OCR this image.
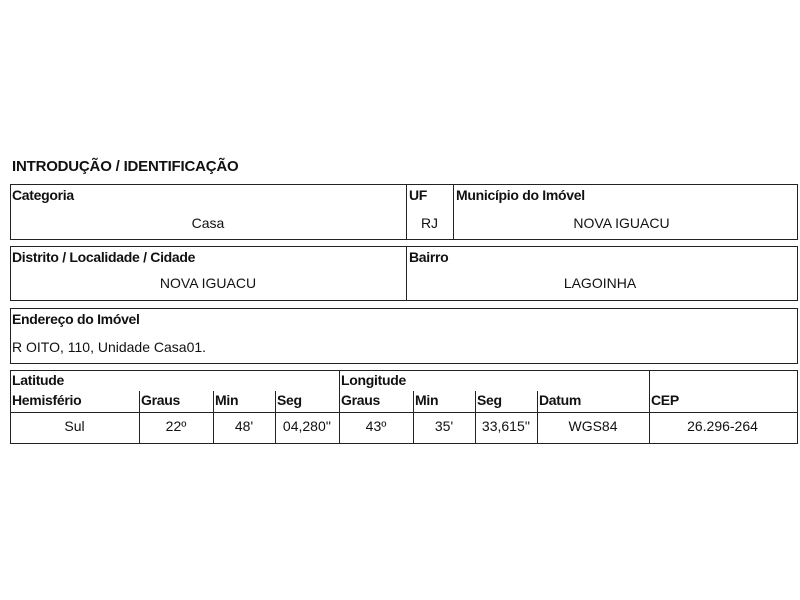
INTRODUÇÃO / IDENTIFICAÇÃO
Categoria
Casa
UF
RJ
Município do Imóvel
NOVA IGUACU
Distrito / Localidade / Cidade
NOVA IGUACU
Bairro
LAGOINHA
Endereço do Imóvel
R OITO, 110, Unidade Casa01.
Latitude	Longitude
Hemisfério	Graus	Min	Seg	Graus	Min	Seg	Datum	CEP
Sul	22º	48'	04,280''	43º	35'	33,615''	WGS84	26.296-264
